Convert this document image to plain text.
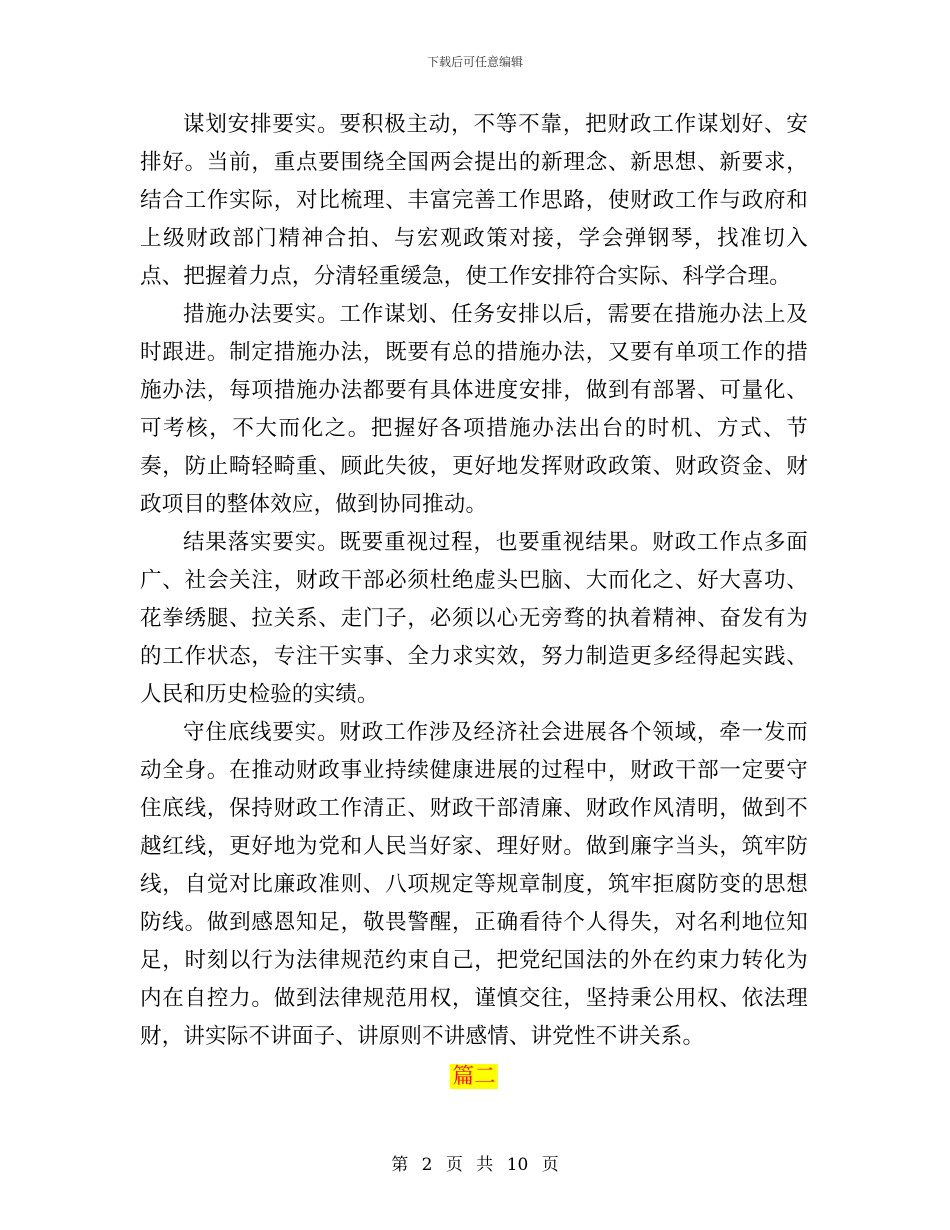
下载后可任意编辑

谋划安排要实。要积极主动，不等不靠，把财政工作谋划好、安排好。当前，重点要围绕全国两会提出的新理念、新思想、新要求，结合工作实际，对比梳理、丰富完善工作思路，使财政工作与政府和上级财政部门精神合拍、与宏观政策对接，学会弹钢琴，找准切入点、把握着力点，分清轻重缓急，使工作安排符合实际、科学合理。

措施办法要实。工作谋划、任务安排以后，需要在措施办法上及时跟进。制定措施办法，既要有总的措施办法，又要有单项工作的措施办法，每项措施办法都要有具体进度安排，做到有部署、可量化、可考核，不大而化之。把握好各项措施办法出台的时机、方式、节奏，防止畸轻畸重、顾此失彼，更好地发挥财政政策、财政资金、财政项目的整体效应，做到协同推动。

结果落实要实。既要重视过程，也要重视结果。财政工作点多面广、社会关注，财政干部必须杜绝虚头巴脑、大而化之、好大喜功、花拳绣腿、拉关系、走门子，必须以心无旁骛的执着精神、奋发有为的工作状态，专注干实事、全力求实效，努力制造更多经得起实践、人民和历史检验的实绩。

守住底线要实。财政工作涉及经济社会进展各个领域，牵一发而动全身。在推动财政事业持续健康进展的过程中，财政干部一定要守住底线，保持财政工作清正、财政干部清廉、财政作风清明，做到不越红线，更好地为党和人民当好家、理好财。做到廉字当头，筑牢防线，自觉对比廉政准则、八项规定等规章制度，筑牢拒腐防变的思想防线。做到感恩知足，敬畏警醒，正确看待个人得失，对名利地位知足，时刻以行为法律规范约束自己，把党纪国法的外在约束力转化为内在自控力。做到法律规范用权，谨慎交往，坚持秉公用权、依法理财，讲实际不讲面子、讲原则不讲感情、讲党性不讲关系。

篇二
第 2 页 共 10 页
